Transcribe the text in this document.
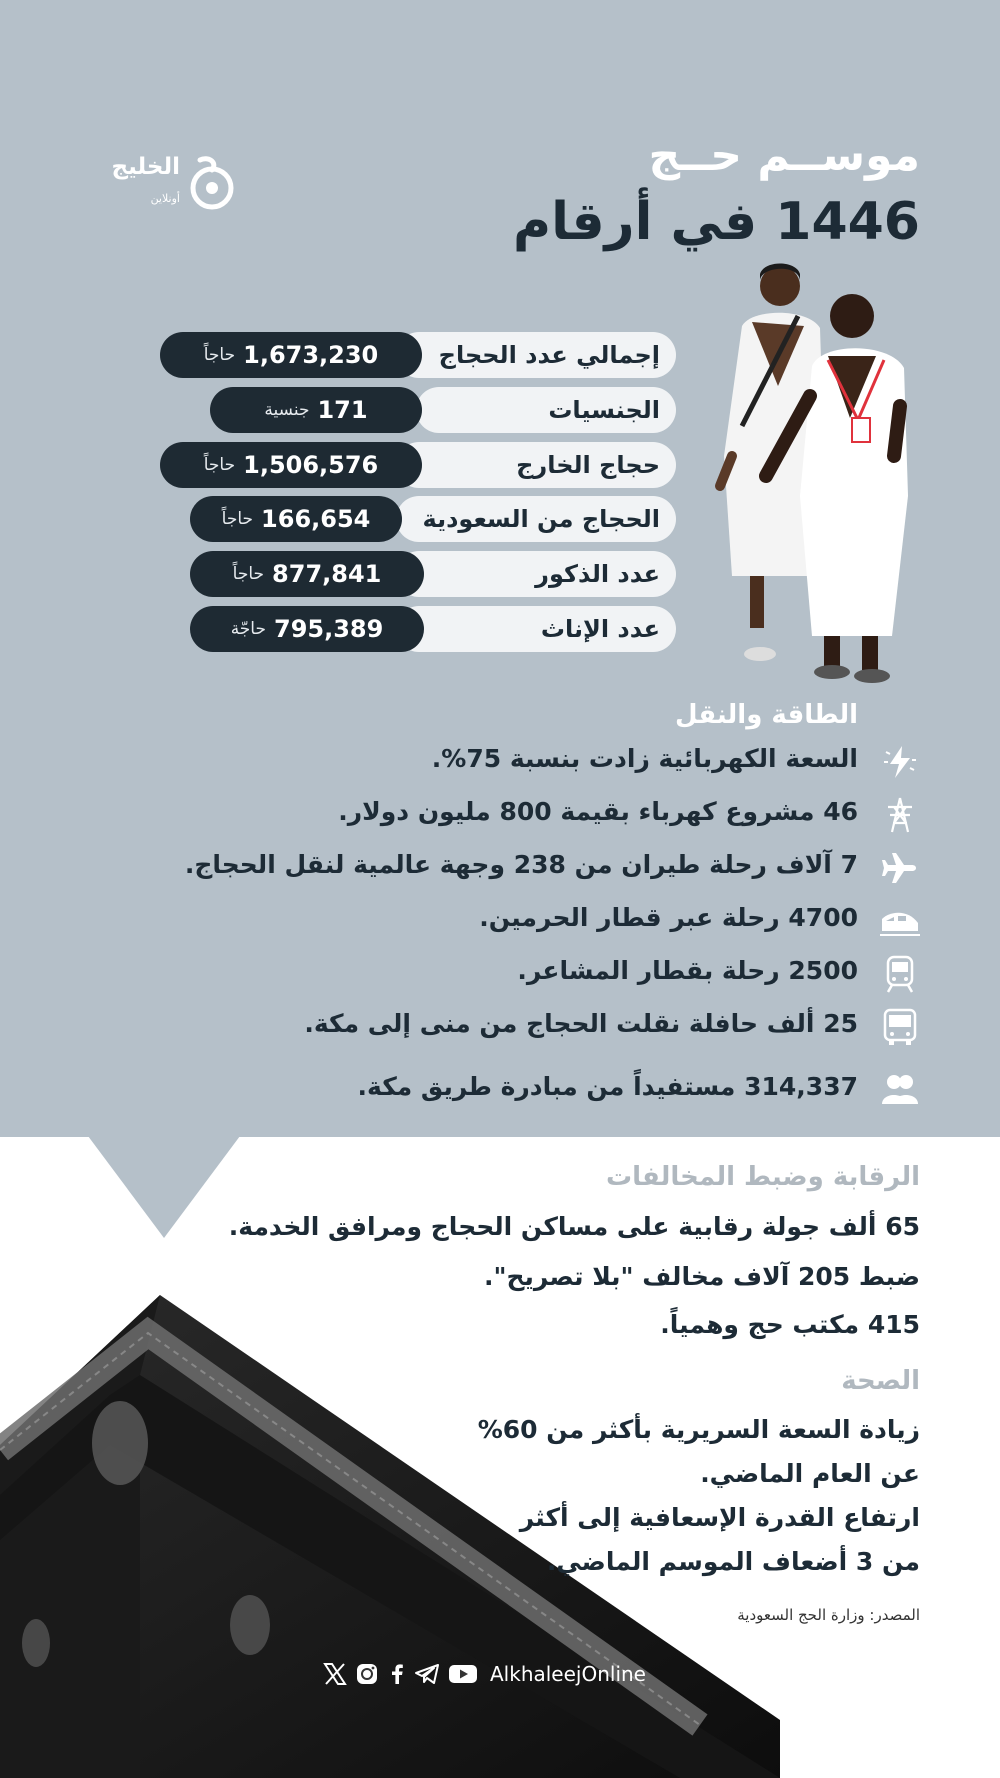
الخليج
أونلاين
موســم حــج
1446 في أرقام
إجمالي عدد الحجاج
1,673,230
حاجاً
الجنسيات
171
جنسية
حجاج الخارج
1,506,576
حاجاً
الحجاج من السعودية
166,654
حاجاً
عدد الذكور
877,841
حاجاً
عدد الإناث
795,389
حاجّة
الطاقة والنقل
السعة الكهربائية زادت بنسبة 75%.
46 مشروع كهرباء بقيمة 800 مليون دولار.
7 آلاف رحلة طيران من 238 وجهة عالمية لنقل الحجاج.
4700 رحلة عبر قطار الحرمين.
2500 رحلة بقطار المشاعر.
25 ألف حافلة نقلت الحجاج من منى إلى مكة.
314,337 مستفيداً من مبادرة طريق مكة.
الرقابة وضبط المخالفات
65 ألف جولة رقابية على مساكن الحجاج ومرافق الخدمة.
ضبط 205 آلاف مخالف "بلا تصريح".
415 مكتب حج وهمياً.
الصحة
زيادة السعة السريرية بأكثر من 60%
عن العام الماضي.
ارتفاع القدرة الإسعافية إلى أكثر
من 3 أضعاف الموسم الماضي.
المصدر: وزارة الحج السعودية
AlkhaleejOnline
